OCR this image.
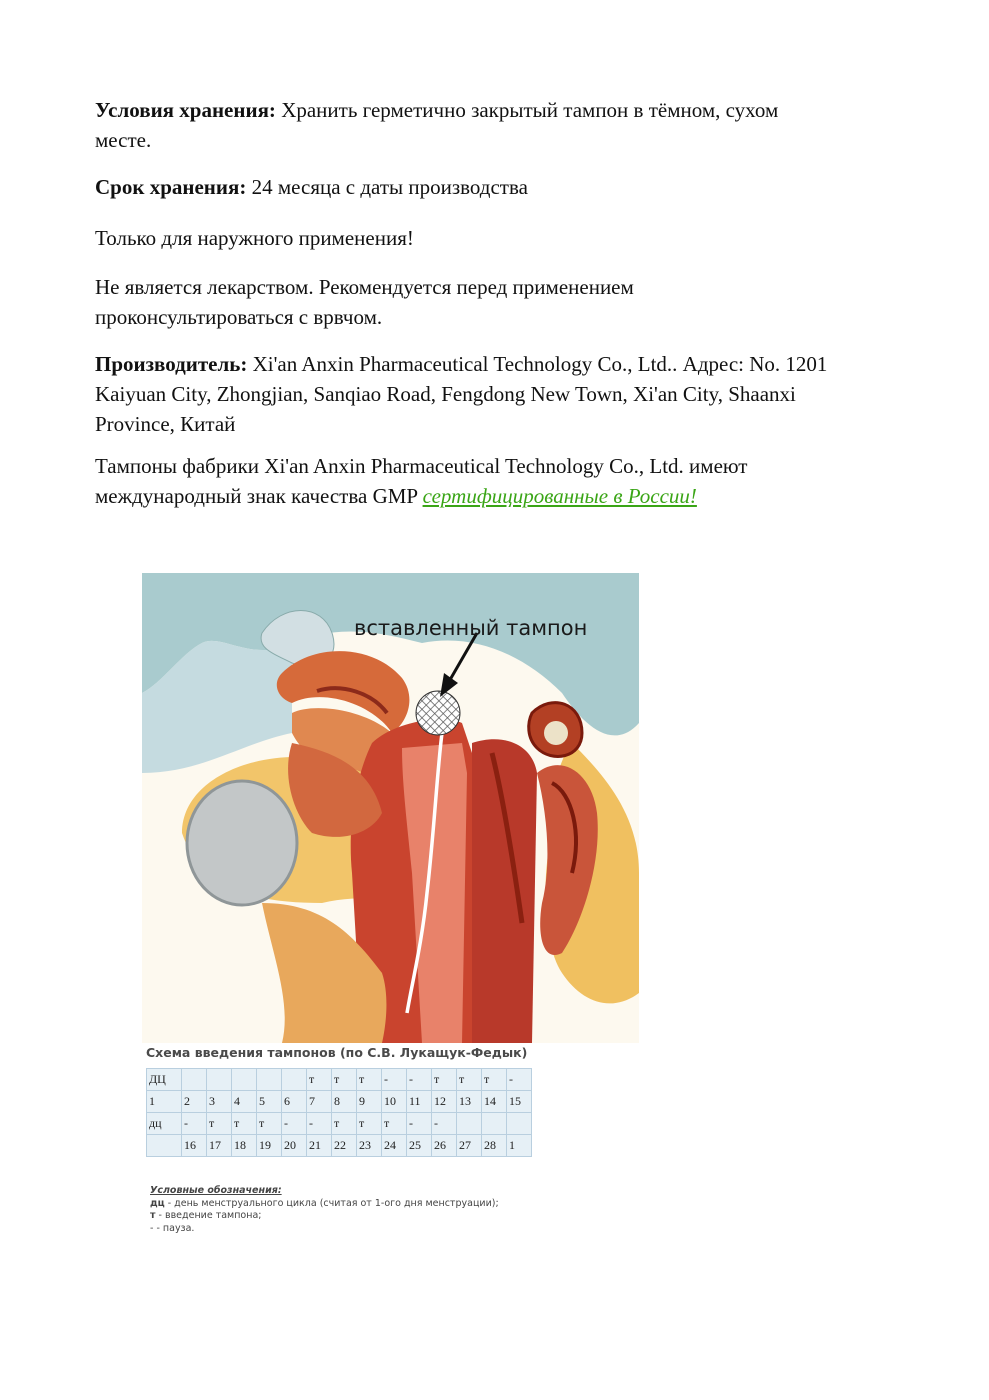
Условия хранения: Хранить герметично закрытый тампон в тёмном, сухом
месте.
Срок хранения: 24 месяца с даты производства
Только для наружного применения!
Не является лекарством. Рекомендуется перед применением
проконсультироваться с врвчом.
Производитель: Xi'an Anxin Pharmaceutical Technology Co., Ltd.. Адрес: No. 1201
Kaiyuan City, Zhongjian, Sanqiao Road, Fengdong New Town, Xi'an City, Shaanxi
Province, Китай
Тампоны фабрики Xi'an Anxin Pharmaceutical Technology Co., Ltd. имеют
международный знак качества GMP сертифицированные в России!
вставленный тампон
Схема введения тампонов (по С.В. Лукащук-Федык)
ДЦ						т	т	т	-	-	т	т	т	-
1	2	3	4	5	6	7	8	9	10	11	12	13	14	15
дц	-	т	т	т	-	-	т	т	т	-	-			
	16	17	18	19	20	21	22	23	24	25	26	27	28	1
Условные обозначения:
дц - день менструального цикла (считая от 1-ого дня менструации);
т - введение тампона;
- - пауза.
